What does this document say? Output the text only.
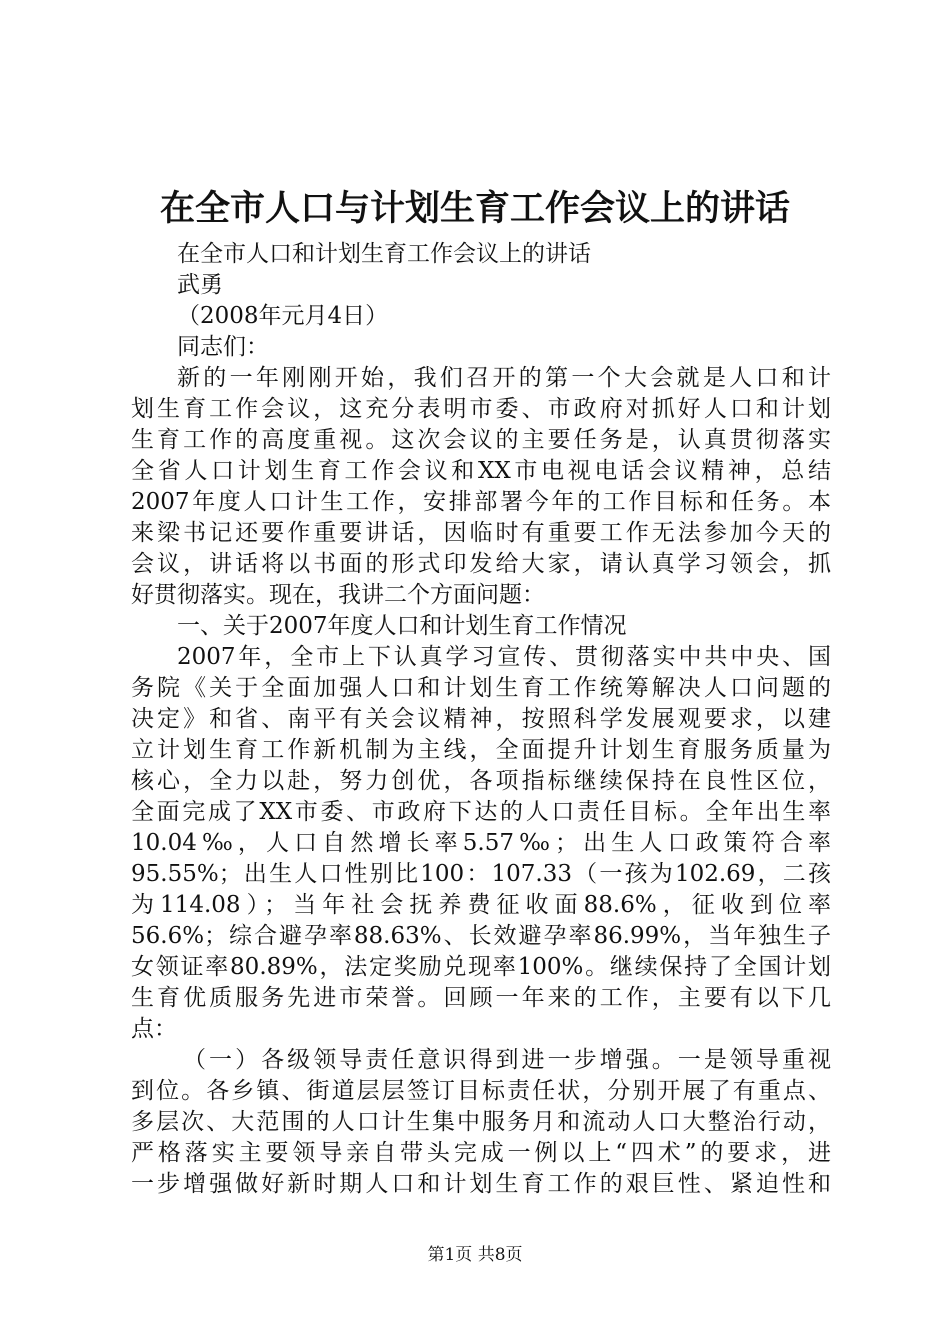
在全市人口与计划生育工作会议上的讲话
在全市人口和计划生育工作会议上的讲话
武勇
（2008年元月4日）
同志们：
新的一年刚刚开始，我们召开的第一个大会就是人口和计
划生育工作会议，这充分表明市委、市政府对抓好人口和计划
生育工作的高度重视。这次会议的主要任务是，认真贯彻落实
全省人口计划生育工作会议和XX市电视电话会议精神，总结
2007年度人口计生工作，安排部署今年的工作目标和任务。本
来梁书记还要作重要讲话，因临时有重要工作无法参加今天的
会议，讲话将以书面的形式印发给大家，请认真学习领会，抓
好贯彻落实。现在，我讲二个方面问题：
一、关于2007年度人口和计划生育工作情况
2007年，全市上下认真学习宣传、贯彻落实中共中央、国
务院《关于全面加强人口和计划生育工作统筹解决人口问题的
决定》和省、南平有关会议精神，按照科学发展观要求，以建
立计划生育工作新机制为主线，全面提升计划生育服务质量为
核心，全力以赴，努力创优，各项指标继续保持在良性区位，
全面完成了XX市委、市政府下达的人口责任目标。全年出生率
10.04‰，人口自然增长率5.57‰；出生人口政策符合率
95.55%；出生人口性别比100：107.33（一孩为102.69，二孩
为114.08）；当年社会抚养费征收面88.6%，征收到位率
56.6%；综合避孕率88.63%、长效避孕率86.99%，当年独生子
女领证率80.89%，法定奖励兑现率100%。继续保持了全国计划
生育优质服务先进市荣誉。回顾一年来的工作，主要有以下几
点：
（一）各级领导责任意识得到进一步增强。一是领导重视
到位。各乡镇、街道层层签订目标责任状，分别开展了有重点、
多层次、大范围的人口计生集中服务月和流动人口大整治行动，
严格落实主要领导亲自带头完成一例以上“四术”的要求，进
一步增强做好新时期人口和计划生育工作的艰巨性、紧迫性和
第1页 共8页
